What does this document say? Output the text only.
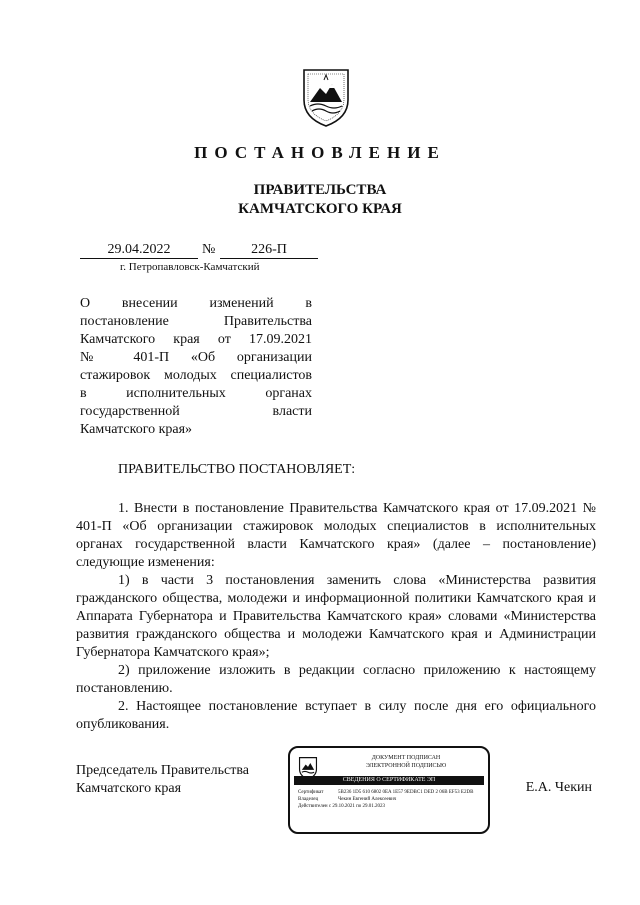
ПОСТАНОВЛЕНИЕ
ПРАВИТЕЛЬСТВА
КАМЧАТСКОГО КРАЯ
29.04.2022	№	226-П
г. Петропавловск-Камчатский
О внесении изменений в
постановление Правительства
Камчатского края от 17.09.2021
№ 401-П «Об организации
стажировок молодых специалистов
в исполнительных органах
государственной власти
Камчатского края»
ПРАВИТЕЛЬСТВО ПОСТАНОВЛЯЕТ:

1. Внести в постановление Правительства Камчатского края от 17.09.2021 № 401-П «Об организации стажировок молодых специалистов в исполнительных органах государственной власти Камчатского края» (далее – постановление) следующие изменения:

1) в части 3 постановления заменить слова «Министерства развития гражданского общества, молодежи и информационной политики Камчатского края и Аппарата Губернатора и Правительства Камчатского края» словами «Министерства развития гражданского общества и молодежи Камчатского края и Администрации Губернатора Камчатского края»;

2) приложение изложить в редакции согласно приложению к настоящему постановлению.

2. Настоящее постановление вступает в силу после дня его официального опубликования.

Председатель Правительства
Камчатского края
ДОКУМЕНТ ПОДПИСАН
ЭЛЕКТРОННОЙ ПОДПИСЬЮ
СВЕДЕНИЯ О СЕРТИФИКАТЕ ЭП
Сертификат	5B236 1D5 610 6802 0EA 1E57 9EDBC1 DED 2 06B EF53 E2DB
Владелец	Чекин Евгений Алексеевич
Действителен с 29.10.2021 по 29.01.2023
Е.А. Чекин
